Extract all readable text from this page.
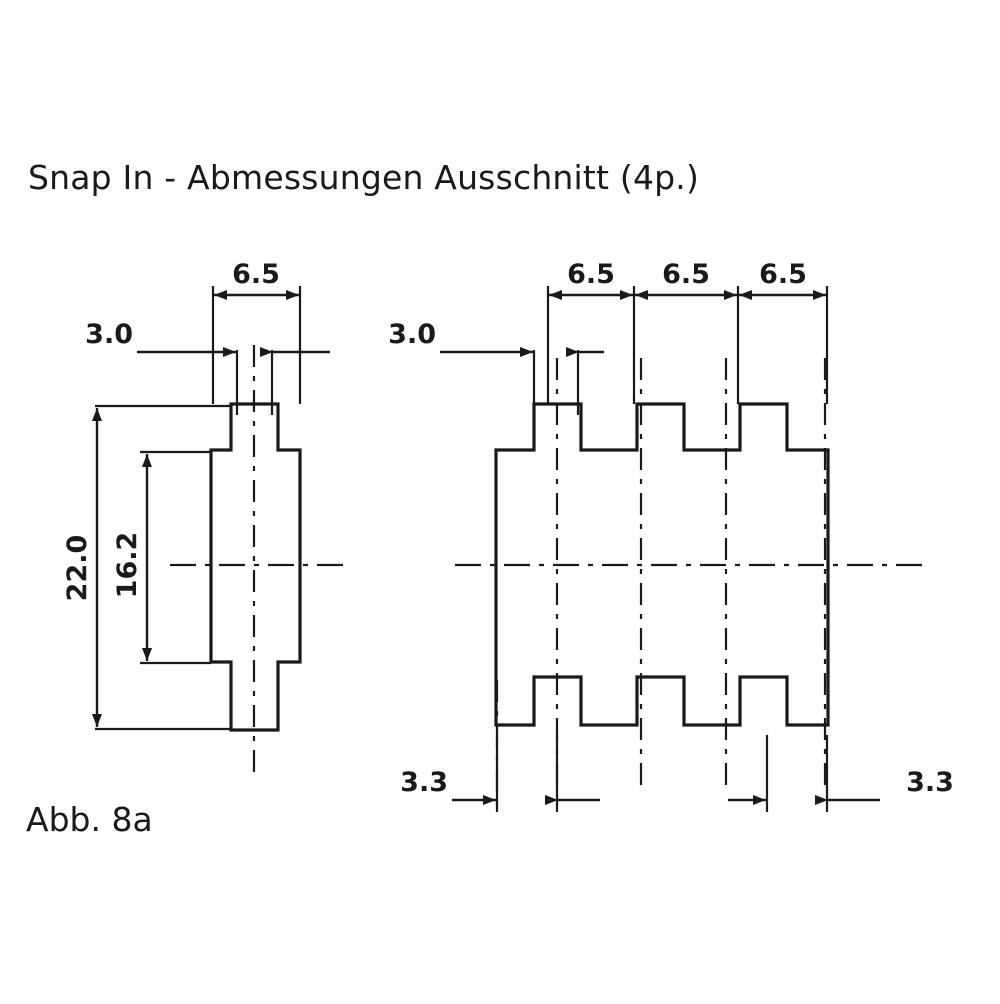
Snap In - Abmessungen Ausschnitt (4p.)
Abb. 8a
6.5
3.0
22.0 16.2
6.5 6.5 6.5
3.0
3.3	3.3
